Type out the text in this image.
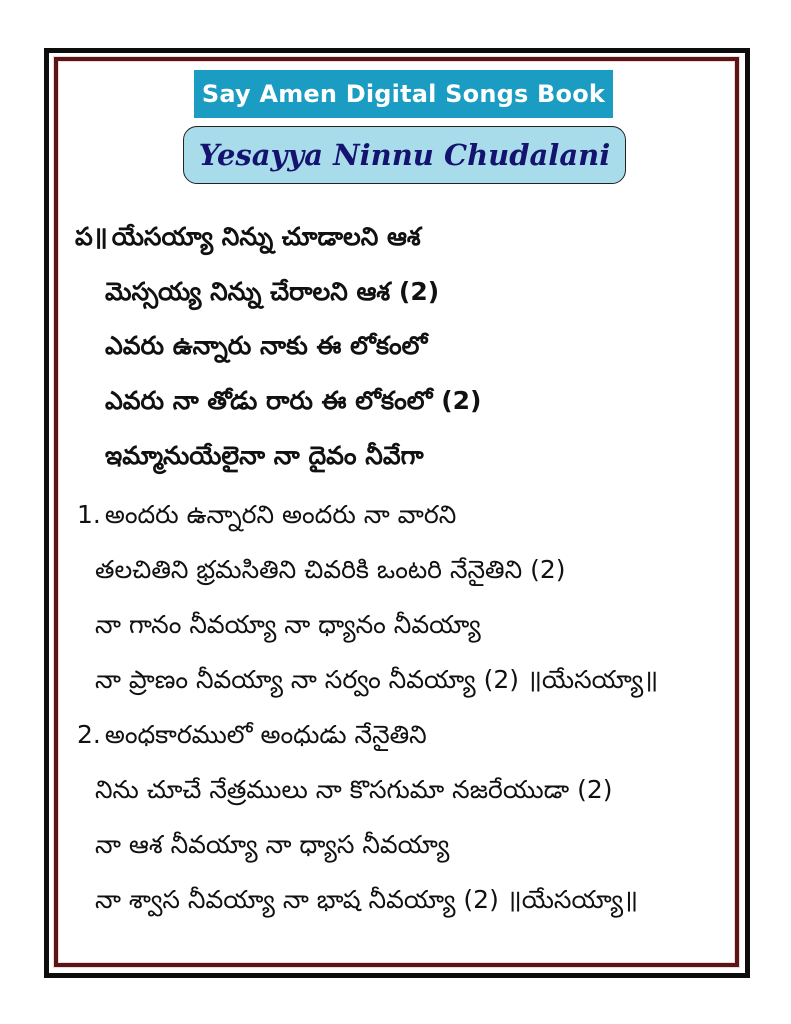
Say Amen Digital Songs Book
Yesayya Ninnu Chudalani
ప॥ యేసయ్యా నిన్ను చూడాలని ఆశ
మెస్సయ్య నిన్ను చేరాలని ఆశ (2)
ఎవరు ఉన్నారు నాకు ఈ లోకంలో
ఎవరు నా తోడు రారు ఈ లోకంలో (2)
ఇమ్మానుయేలైనా నా దైవం నీవేగా
1. అందరు ఉన్నారని అందరు నా వారని
తలచితిని భ్రమసితిని చివరికి ఒంటరి నేనైతిని (2)
నా గానం నీవయ్యా నా ధ్యానం నీవయ్యా
నా ప్రాణం నీవయ్యా నా సర్వం నీవయ్యా (2) ॥యేసయ్యా॥
2. అంధకారములో అంధుడు నేనైతిని
నిను చూచే నేత్రములు నా కొసగుమా నజరేయుడా (2)
నా ఆశ నీవయ్యా నా ధ్యాస నీవయ్యా
నా శ్వాస నీవయ్యా నా భాష నీవయ్యా (2) ॥యేసయ్యా॥
